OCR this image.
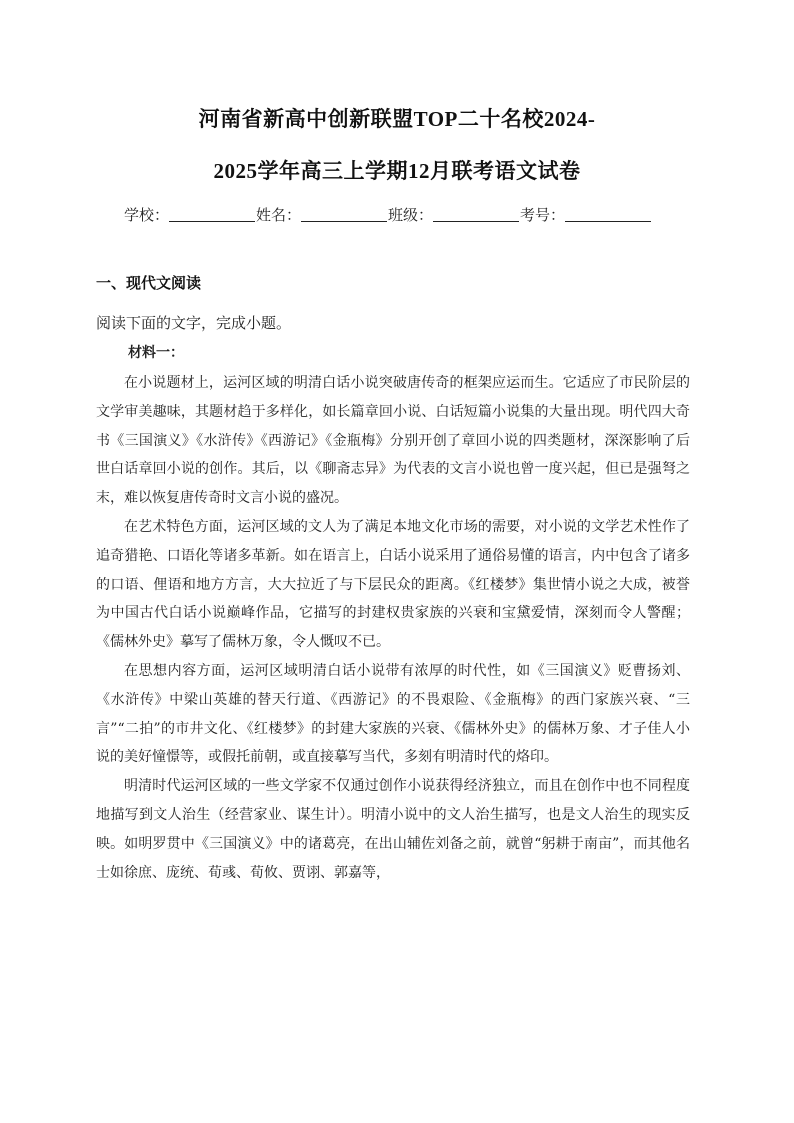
河南省新高中创新联盟TOP二十名校2024-
2025学年高三上学期12月联考语文试卷
学校：	姓名：	班级：	考号：
一、现代文阅读
阅读下面的文字，完成小题。
材料一：

在小说题材上，运河区域的明清白话小说突破唐传奇的框架应运而生。它适应了市民阶层的文学审美趣味，其题材趋于多样化，如长篇章回小说、白话短篇小说集的大量出现。明代四大奇书《三国演义》《水浒传》《西游记》《金瓶梅》分别开创了章回小说的四类题材，深深影响了后世白话章回小说的创作。其后，以《聊斋志异》为代表的文言小说也曾一度兴起，但已是强弩之末，难以恢复唐传奇时文言小说的盛况。

在艺术特色方面，运河区域的文人为了满足本地文化市场的需要，对小说的文学艺术性作了追奇猎艳、口语化等诸多革新。如在语言上，白话小说采用了通俗易懂的语言，内中包含了诸多的口语、俚语和地方方言，大大拉近了与下层民众的距离。《红楼梦》集世情小说之大成，被誉为中国古代白话小说巅峰作品，它描写的封建权贵家族的兴衰和宝黛爱情，深刻而令人警醒；《儒林外史》摹写了儒林万象，令人慨叹不已。

在思想内容方面，运河区域明清白话小说带有浓厚的时代性，如《三国演义》贬曹扬刘、《水浒传》中梁山英雄的替天行道、《西游记》的不畏艰险、《金瓶梅》的西门家族兴衰、“三言”“二拍”的市井文化、《红楼梦》的封建大家族的兴衰、《儒林外史》的儒林万象、才子佳人小说的美好憧憬等，或假托前朝，或直接摹写当代，多刻有明清时代的烙印。

明清时代运河区域的一些文学家不仅通过创作小说获得经济独立，而且在创作中也不同程度地描写到文人治生（经营家业、谋生计）。明清小说中的文人治生描写，也是文人治生的现实反映。如明罗贯中《三国演义》中的诸葛亮，在出山辅佐刘备之前，就曾“躬耕于南亩”，而其他名士如徐庶、庞统、荀彧、荀攸、贾诩、郭嘉等，
